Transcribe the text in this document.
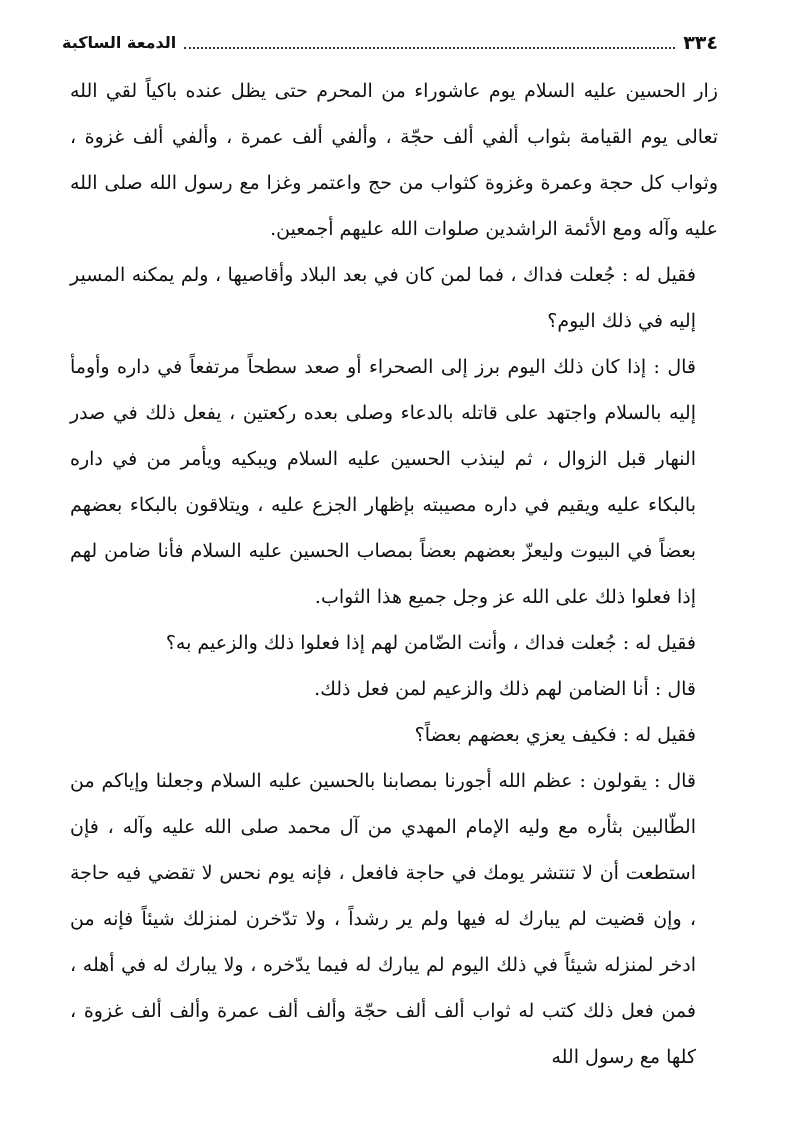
٣٣٤
الدمعة الساكبة

زار الحسين عليه السلام يوم عاشوراء من المحرم حتى يظل عنده باكياً لقي الله تعالى يوم القيامة بثواب ألفي ألف حجّة ، وألفي ألف عمرة ، وألفي ألف غزوة ، وثواب كل حجة وعمرة وغزوة كثواب من حج واعتمر وغزا مع رسول الله صلى الله عليه وآله ومع الأئمة الراشدين صلوات الله عليهم أجمعين.

فقيل له : جُعلت فداك ، فما لمن كان في بعد البلاد وأقاصيها ، ولم يمكنه المسير إليه في ذلك اليوم؟

قال : إذا كان ذلك اليوم برز إلى الصحراء أو صعد سطحاً مرتفعاً في داره وأومأ إليه بالسلام واجتهد على قاتله بالدعاء وصلى بعده ركعتين ، يفعل ذلك في صدر النهار قبل الزوال ، ثم لينذب الحسين عليه السلام ويبكيه ويأمر من في داره بالبكاء عليه ويقيم في داره مصيبته بإظهار الجزع عليه ، ويتلاقون بالبكاء بعضهم بعضاً في البيوت وليعزّ بعضهم بعضاً بمصاب الحسين عليه السلام فأنا ضامن لهم إذا فعلوا ذلك على الله عز وجل جميع هذا الثواب.

فقيل له : جُعلت فداك ، وأنت الضّامن لهم إذا فعلوا ذلك والزعيم به؟

قال : أنا الضامن لهم ذلك والزعيم لمن فعل ذلك.

فقيل له : فكيف يعزي بعضهم بعضاً؟

قال : يقولون : عظم الله أجورنا بمصابنا بالحسين عليه السلام وجعلنا وإياكم من الطّالبين بثأره مع وليه الإمام المهدي من آل محمد صلى الله عليه وآله ، فإن استطعت أن لا تنتشر يومك في حاجة فافعل ، فإنه يوم نحس لا تقضي فيه حاجة ، وإن قضيت لم يبارك له فيها ولم ير رشداً ، ولا تدّخرن لمنزلك شيئاً فإنه من ادخر لمنزله شيئاً في ذلك اليوم لم يبارك له فيما يدّخره ، ولا يبارك له في أهله ، فمن فعل ذلك كتب له ثواب ألف ألف حجّة وألف ألف عمرة وألف ألف غزوة ، كلها مع رسول الله
